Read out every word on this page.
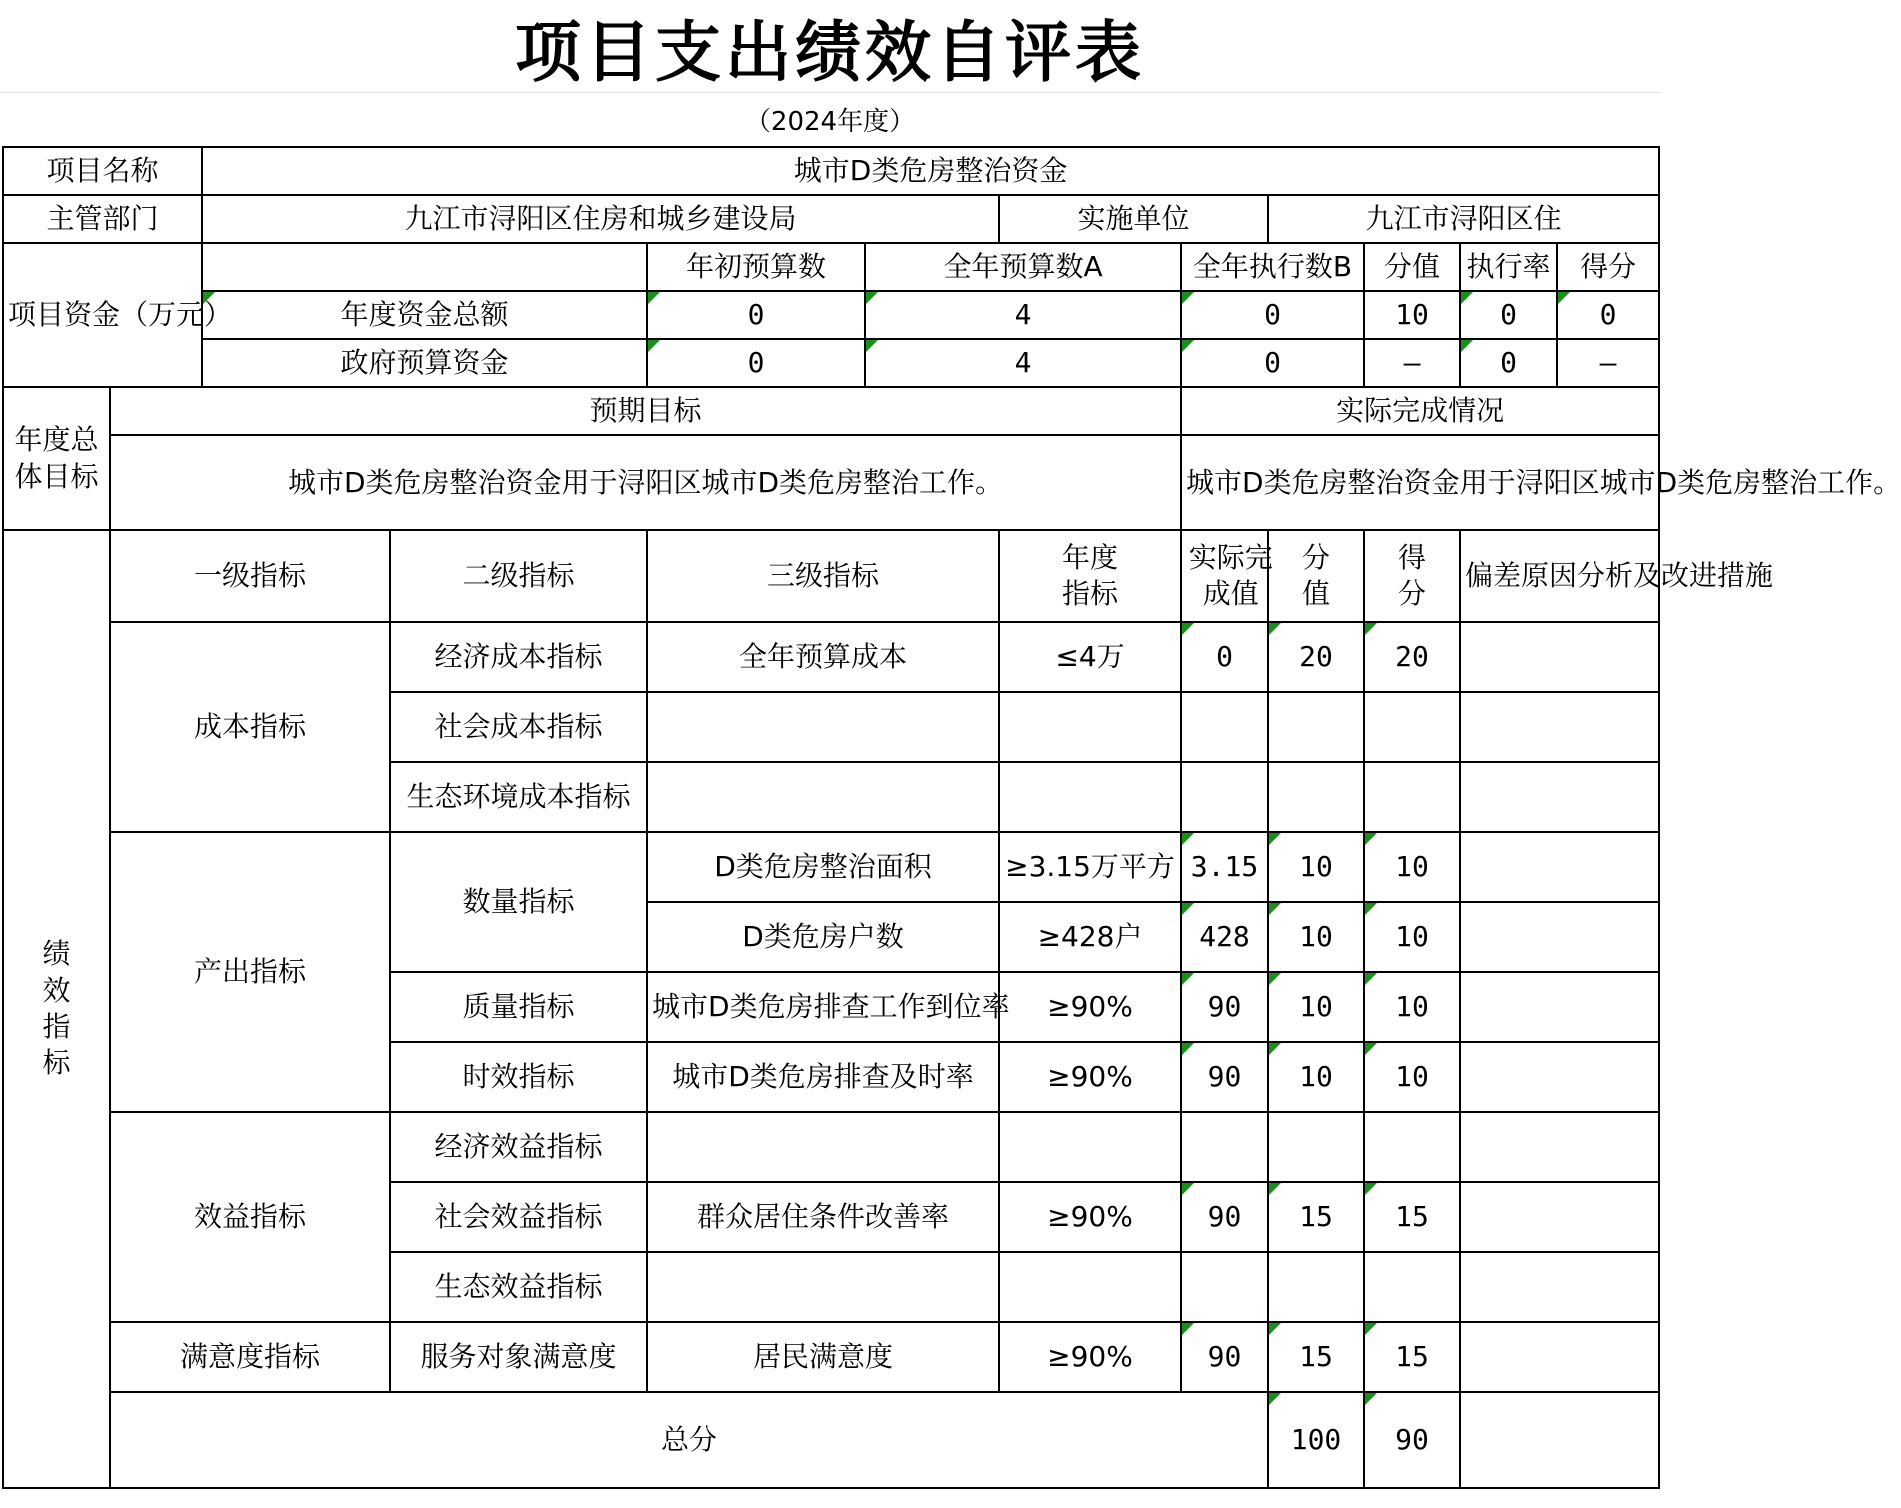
项目支出绩效自评表
（2024年度）
项目名称		城市D类危房整治资金									
主管部门		九江市浔阳区住房和城乡建设局				实施单位		九江市浔阳区住			
项目资金（万元）				年初预算数	全年预算数A		全年执行数B		分值	执行率	得分
		年度资金总额		0	4		0		10	0	0
		政府预算资金		0	4		0		—	0	—
年度总体目标	预期目标						实际完成情况				
	城市D类危房整治资金用于浔阳区城市D类危房整治工作。						城市D类危房整治资金用于浔阳区城市D类危房整治工作。				
绩效指标	一级指标		二级指标	三级指标		年度指标	实际完成值	分值	得分	偏差原因分析及改进措施	
	成本指标		经济成本指标	全年预算成本		≤4万	0	20	20		
			社会成本指标								
			生态环境成本指标								
	产出指标		数量指标	D类危房整治面积		≥3.15万平方	3.15	10	10		
				D类危房户数		≥428户	428	10	10		
			质量指标	城市D类危房排查工作到位率		≥90%	90	10	10		
			时效指标	城市D类危房排查及时率		≥90%	90	10	10		
	效益指标		经济效益指标								
			社会效益指标	群众居住条件改善率		≥90%	90	15	15		
			生态效益指标								
	满意度指标		服务对象满意度	居民满意度		≥90%	90	15	15		
	总分							100	90		
